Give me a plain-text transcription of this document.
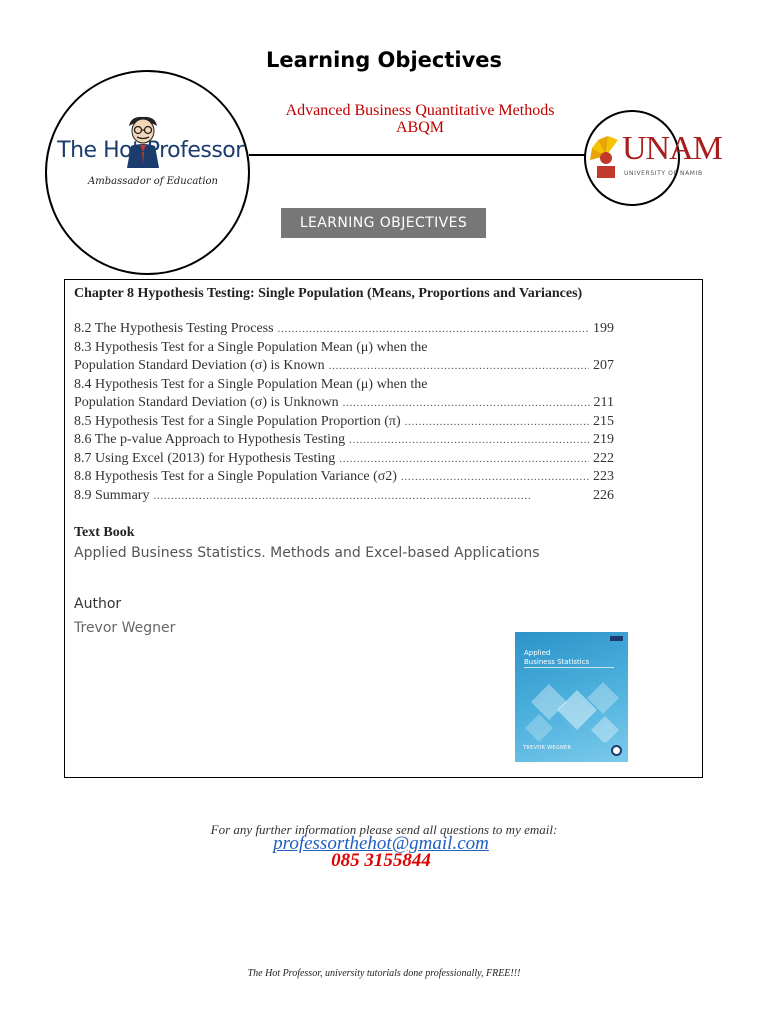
Learning Objectives
The Hot Professor
Ambassador of Education
Advanced Business Quantitative Methods
ABQM
UNAM
UNIVERSITY OF NAMIB
LEARNING OBJECTIVES
Chapter 8 Hypothesis Testing: Single Population (Means, Proportions and Variances)
8.2 The Hypothesis Testing Process . . .	199
8.3 Hypothesis Test for a Single Population Mean (μ) when the
Population Standard Deviation (σ) is Known . . .	207
8.4 Hypothesis Test for a Single Population Mean (μ) when the
Population Standard Deviation (σ) is Unknown . . .	211
8.5 Hypothesis Test for a Single Population Proportion (π) . . .	215
8.6 The p-value Approach to Hypothesis Testing . . .	219
8.7 Using Excel (2013) for Hypothesis Testing . . .	222
8.8 Hypothesis Test for a Single Population Variance (σ2) . . .	223
8.9 Summary . . .	226
Text Book
Applied Business Statistics. Methods and Excel-based Applications
Author
Trevor Wegner
Applied
Business Statistics
TREVOR WEGNER
For any further information please send all questions to my email:
professorthehot@gmail.com
085 3155844
The Hot Professor, university tutorials done professionally, FREE!!!
